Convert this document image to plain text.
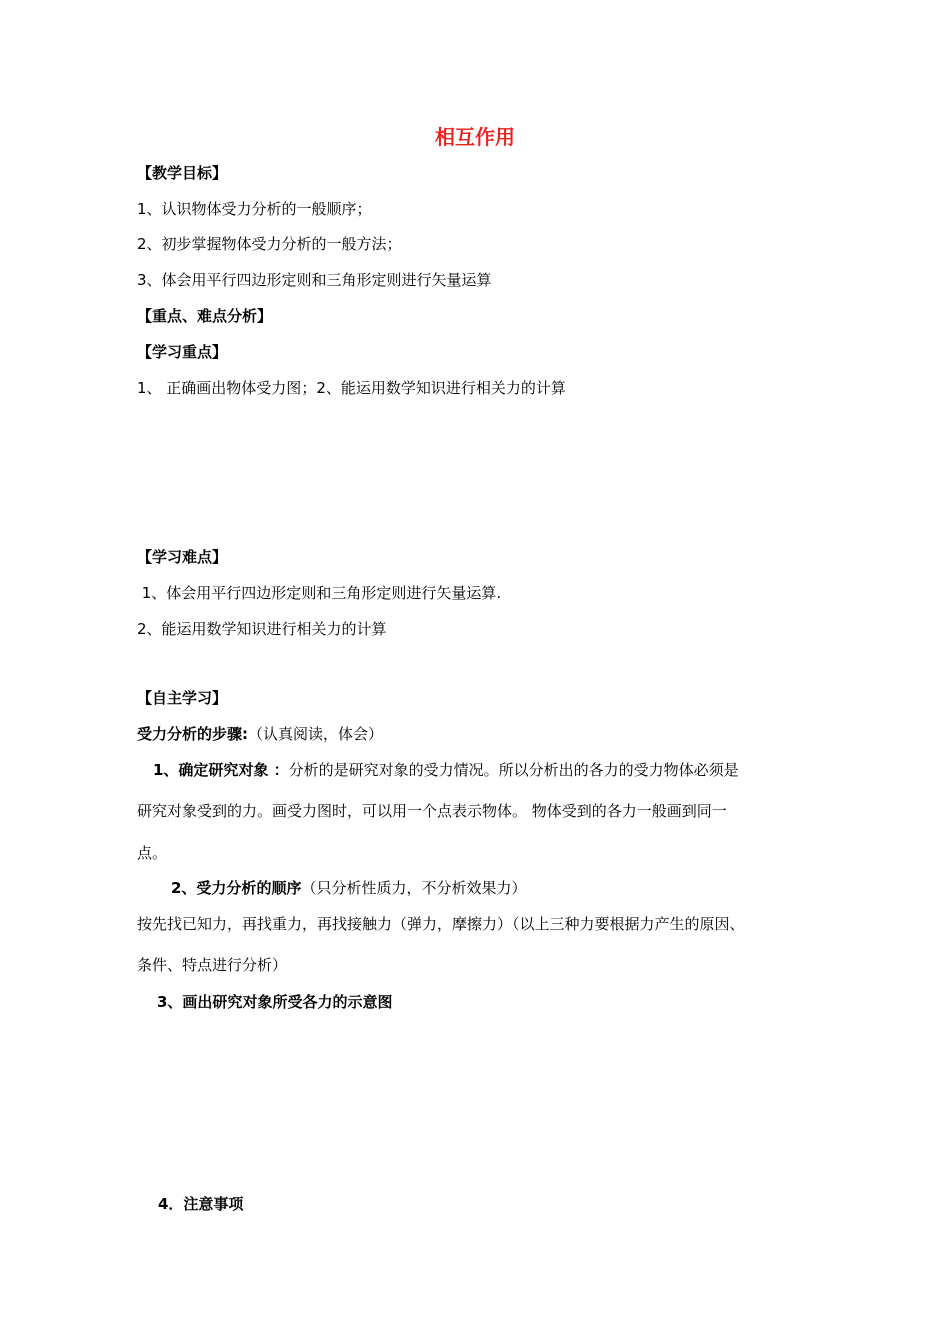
相互作用
【教学目标】
1、认识物体受力分析的一般顺序；
2、初步掌握物体受力分析的一般方法；
3、体会用平行四边形定则和三角形定则进行矢量运算
【重点、难点分析】
【学习重点】
1、 正确画出物体受力图；2、能运用数学知识进行相关力的计算
【学习难点】
1、体会用平行四边形定则和三角形定则进行矢量运算.
2、能运用数学知识进行相关力的计算
【自主学习】
受力分析的步骤:（认真阅读，体会）
1、确定研究对象 ：分析的是研究对象的受力情况。所以分析出的各力的受力物体必须是
研究对象受到的力。画受力图时，可以用一个点表示物体。 物体受到的各力一般画到同一
点。
2、受力分析的顺序（只分析性质力，不分析效果力）
按先找已知力，再找重力，再找接触力（弹力，摩擦力）（以上三种力要根据力产生的原因、
条件、特点进行分析）
3、画出研究对象所受各力的示意图
4．注意事项
